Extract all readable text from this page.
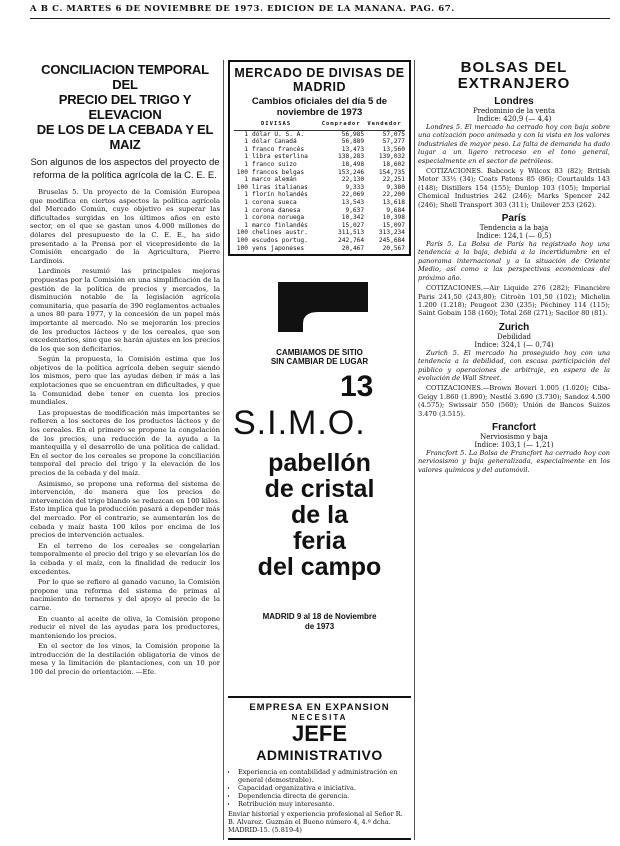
A B C. MARTES 6 DE NOVIEMBRE DE 1973. EDICION DE LA MAÑANA. PAG. 67.
CONCILIACION TEMPORAL DEL
PRECIO DEL TRIGO Y ELEVACION
DE LOS DE LA CEBADA Y EL MAIZ
Son algunos de los aspectos del proyecto de reforma de la política agrícola de la C. E. E.

Bruselas 5. Un proyecto de la Comisión Europea que modifica en ciertos aspectos la política agrícola del Mercado Común, cuyo objetivo es superar las dificultades surgidas en los últimos años en este sector, en el que se gastan unos 4.000 millones de dólares del presupuesto de la C. E. E., ha sido presentado a la Prensa por el vicepresidente de la Comisión encargado de la Agricultura, Pierre Lardinois.

Lardinois resumió las principales mejoras propuestas por la Comisión en una simplificación de la gestión de la política de precios y mercados, la disminución notable de la legislación agrícola comunitaria, que pasaría de 390 reglamentos actuales a unos 80 para 1977, y la concesión de un papel más importante al mercado. No se mejorarán los precios de los productos lácteos y de los cereales, que son excedentarios, sino que se harán ajustes en los precios de los que son deficitarios.

Según la propuesta, la Comisión estima que los objetivos de la política agrícola deben seguir siendo los mismos, pero que las ayudas deben ir más a las explotaciones que se encuentran en dificultades, y que la Comunidad debe tener en cuenta los precios mundiales.

Las propuestas de modificación más importantes se refieren a los sectores de los productos lácteos y de los cereales. En el primero se propone la congelación de los precios, una reducción de la ayuda a la mantequilla y el desarrollo de una política de calidad. En el sector de los cereales se propone la conciliación temporal del precio del trigo y la elevación de los precios de la cebada y del maíz.

Asimismo, se propone una reforma del sistema de intervención, de manera que los precios de intervención del trigo blando se reduzcan en 100 kilos. Esto implica que la producción pasará a depender más del mercado. Por el contrario, se aumentarán los de cebada y maíz hasta 100 kilos por encima de los precios de intervención actuales.

En el terreno de los cereales se congelarían temporalmente el precio del trigo y se elevarían los de la cebada y el maíz, con la finalidad de reducir los excedentes.

Por lo que se refiere al ganado vacuno, la Comisión propone una reforma del sistema de primas al nacimiento de terneros y del apoyo al precio de la carne.

En cuanto al aceite de oliva, la Comisión propone reducir el nivel de las ayudas para los productores, manteniendo los precios.

En el sector de los vinos, la Comisión propone la introducción de la destilación obligatoria de vinos de mesa y la limitación de plantaciones, con un 10 por 100 del precio de orientación. —Efe.

MERCADO DE DIVISAS DE MADRID
Cambios oficiales del día 5 de noviembre de 1973
DIVISAS		Comprador	Vendedor
1	dólar U. S. A.	56,985	57,075
1	dólar Canadá	56,889	57,277
1	franco francés	13,473	13,560
1	libra esterlina	138,283	139,032
1	franco suizo	18,498	18,602
100	francos belgas	153,246	154,735
1	marco alemán	22,130	22,251
100	liras italianas	9,333	9,380
1	florín holandés	22,069	22,200
1	corona sueca	13,543	13,618
1	corona danesa	9,637	9,684
1	corona noruega	10,342	10,398
1	marco finlandés	15,027	15,097
100	chelines austr.	311,513	313,234
100	escudos portug.	242,764	245,684
100	yens japoneses	20,467	20,567
CAMBIAMOS DE SITIO
SIN CAMBIAR DE LUGAR
13
S.I.M.O.
pabellón
de cristal
de la
feria
del campo
MADRID 9 al 18 de Noviembre
de 1973
EMPRESA EN EXPANSION
NECESITA
JEFE
ADMINISTRATIVO
• Experiencia en contabilidad y administración en general (demostrable).
• Capacidad organizativa e iniciativa.
• Dependencia directa de gerencia.
• Retribución muy interesante.
Enviar historial y experiencia profesional al Señor R. B. Alvarez. Guzmán el Bueno número 4, 4.º dcha. MADRID-15. (5.819-4)
BOLSAS DEL EXTRANJERO
Londres
Predominio de la venta
Indice: 420,9 (— 4,4)

Londres 5. El mercado ha cerrado hoy con baja sobre una cotización poco animada y con la vista en los valores industriales de mayor peso. La falta de demanda ha dado lugar a un ligero retroceso en el tono general, especialmente en el sector de petróleos.

COTIZACIONES. Babcock y Wilcox 83 (82); British Motor 33½ (34); Coats Patons 85 (86); Courtaulds 143 (148); Distillers 154 (155); Dunlop 103 (105); Imperial Chemical Industries 242 (246); Marks Spencer 242 (246); Shell Transport 303 (311); Unilever 253 (262).

París
Tendencia a la baja
Indice: 124,1 (— 0,5)

París 5. La Bolsa de París ha registrado hoy una tendencia a la baja, debida a la incertidumbre en el panorama internacional y a la situación de Oriente Medio, así como a las perspectivas económicas del próximo año.

COTIZACIONES.—Air Liquide 276 (282); Financière Paris 241,50 (243,80); Citroën 101,50 (102); Michelin 1.200 (1.218); Peugeot 230 (235); Péchiney 114 (115); Saint Gobain 158 (160); Total 268 (271); Sacilor 80 (81).

Zurich
Debilidad
Indice: 324,1 (— 0,74)

Zurich 5. El mercado ha proseguido hoy con una tendencia a la debilidad, con escasa participación del público y operaciones de arbitraje, en espera de la evolución de Wall Street.

COTIZACIONES.—Brown Boveri 1.005 (1.020); Ciba-Geigy 1.860 (1.890); Nestlé 3.690 (3.730); Sandoz 4.500 (4.575); Swissair 550 (560); Unión de Bancos Suizos 3.470 (3.515).

Francfort
Nerviosismo y baja
Indice: 103,1 (— 1,21)

Francfort 5. La Bolsa de Francfort ha cerrado hoy con nerviosismo y baja generalizada, especialmente en los valores químicos y del automóvil.
